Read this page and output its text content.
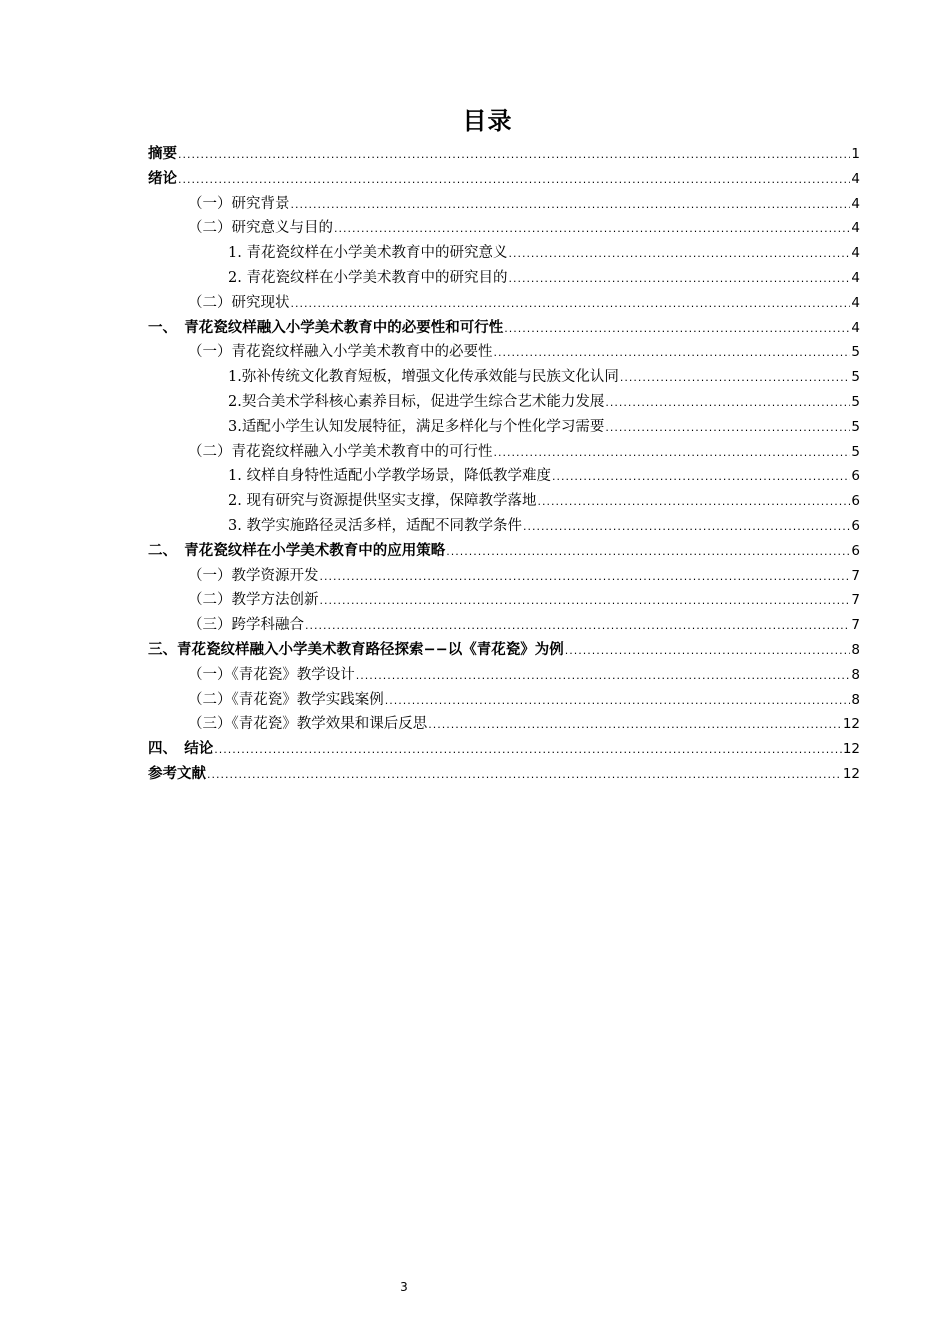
目录
摘要 .....	1
绪论 .....	4
（一）研究背景 .....	4
（二）研究意义与目的 .....	4
1. 青花瓷纹样在小学美术教育中的研究意义 .....	4
2. 青花瓷纹样在小学美术教育中的研究目的 .....	4
（二）研究现状 .....	4
一、　青花瓷纹样融入小学美术教育中的必要性和可行性 .....	4
（一）青花瓷纹样融入小学美术教育中的必要性 .....	5
1.弥补传统文化教育短板，增强文化传承效能与民族文化认同 .....	5
2.契合美术学科核心素养目标，促进学生综合艺术能力发展 .....	5
3.适配小学生认知发展特征，满足多样化与个性化学习需要 .....	5
（二）青花瓷纹样融入小学美术教育中的可行性 .....	5
1. 纹样自身特性适配小学教学场景，降低教学难度 .....	6
2. 现有研究与资源提供坚实支撑，保障教学落地 .....	6
3. 教学实施路径灵活多样，适配不同教学条件 .....	6
二、　青花瓷纹样在小学美术教育中的应用策略 .....	6
（一）教学资源开发 .....	7
（二）教学方法创新 .....	7
（三）跨学科融合 .....	7
三、青花瓷纹样融入小学美术教育路径探索−−以《青花瓷》为例 .....	8
（一）《青花瓷》教学设计 .....	8
（二）《青花瓷》教学实践案例 .....	8
（三）《青花瓷》教学效果和课后反思 .....	12
四、　结论 .....	12
参考文献 .....	12
3
